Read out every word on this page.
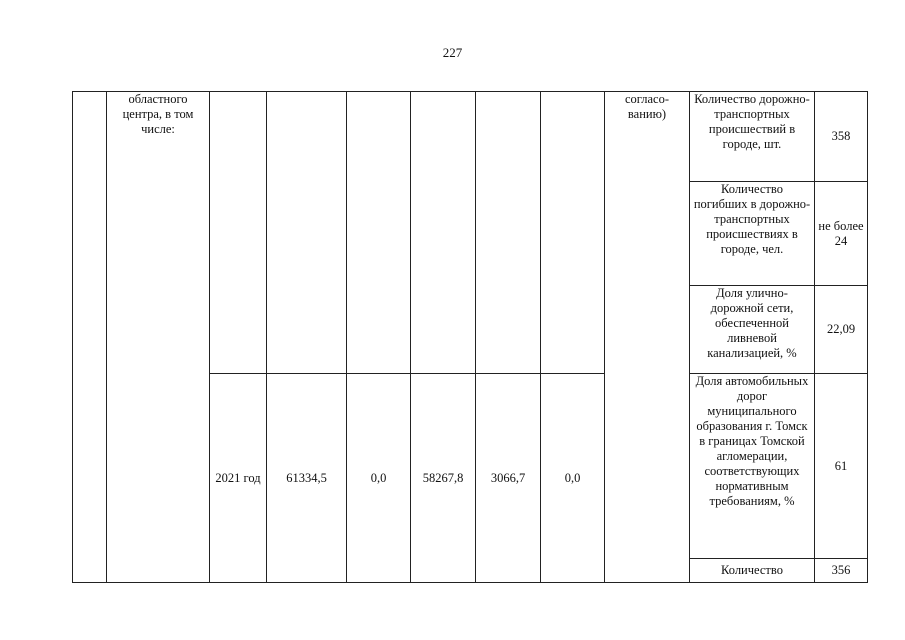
227
	областного центра, в том числе:							согласо-ванию)	Количество дорожно-транспортных происшествий в городе, шт.	358
									Количество погибших в дорожно-транспортных происшествиях в городе, чел.	не более 24
									Доля улично-дорожной сети, обеспеченной ливневой канализацией, %	22,09
		2021 год	61334,5	0,0	58267,8	3066,7	0,0		Доля автомобильных дорог муниципального образования г. Томск в границах Томской агломерации, соответствующих нормативным требованиям, %	61
									Количество	356
